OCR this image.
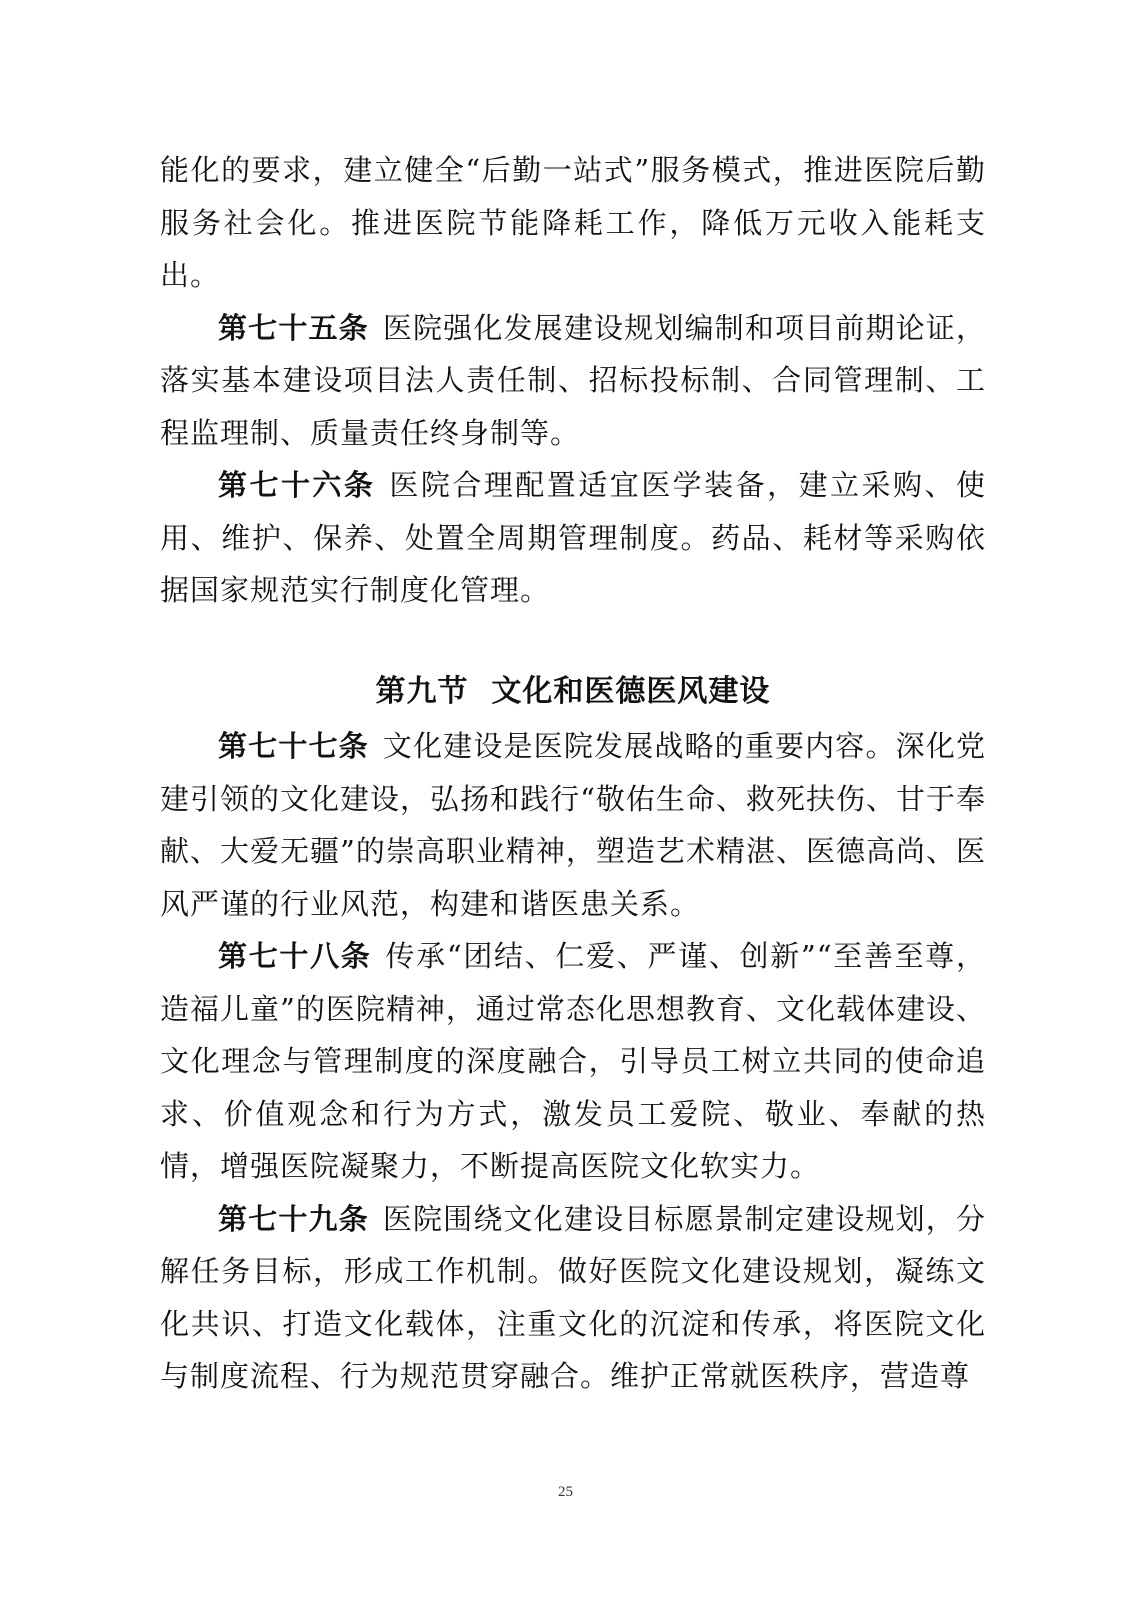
能化的要求，建立健全“后勤一站式”服务模式，推进医院后勤服务社会化。推进医院节能降耗工作，降低万元收入能耗支出。

第七十五条 医院强化发展建设规划编制和项目前期论证，落实基本建设项目法人责任制、招标投标制、合同管理制、工程监理制、质量责任终身制等。

第七十六条 医院合理配置适宜医学装备，建立采购、使用、维护、保养、处置全周期管理制度。药品、耗材等采购依据国家规范实行制度化管理。

第九节  文化和医德医风建设

第七十七条 文化建设是医院发展战略的重要内容。深化党建引领的文化建设，弘扬和践行“敬佑生命、救死扶伤、甘于奉献、大爱无疆”的崇高职业精神，塑造艺术精湛、医德高尚、医风严谨的行业风范，构建和谐医患关系。

第七十八条 传承“团结、仁爱、严谨、创新”“至善至尊，造福儿童”的医院精神，通过常态化思想教育、文化载体建设、文化理念与管理制度的深度融合，引导员工树立共同的使命追求、价值观念和行为方式，激发员工爱院、敬业、奉献的热情，增强医院凝聚力，不断提高医院文化软实力。

第七十九条 医院围绕文化建设目标愿景制定建设规划，分解任务目标，形成工作机制。做好医院文化建设规划，凝练文化共识、打造文化载体，注重文化的沉淀和传承，将医院文化与制度流程、行为规范贯穿融合。维护正常就医秩序，营造尊

25
